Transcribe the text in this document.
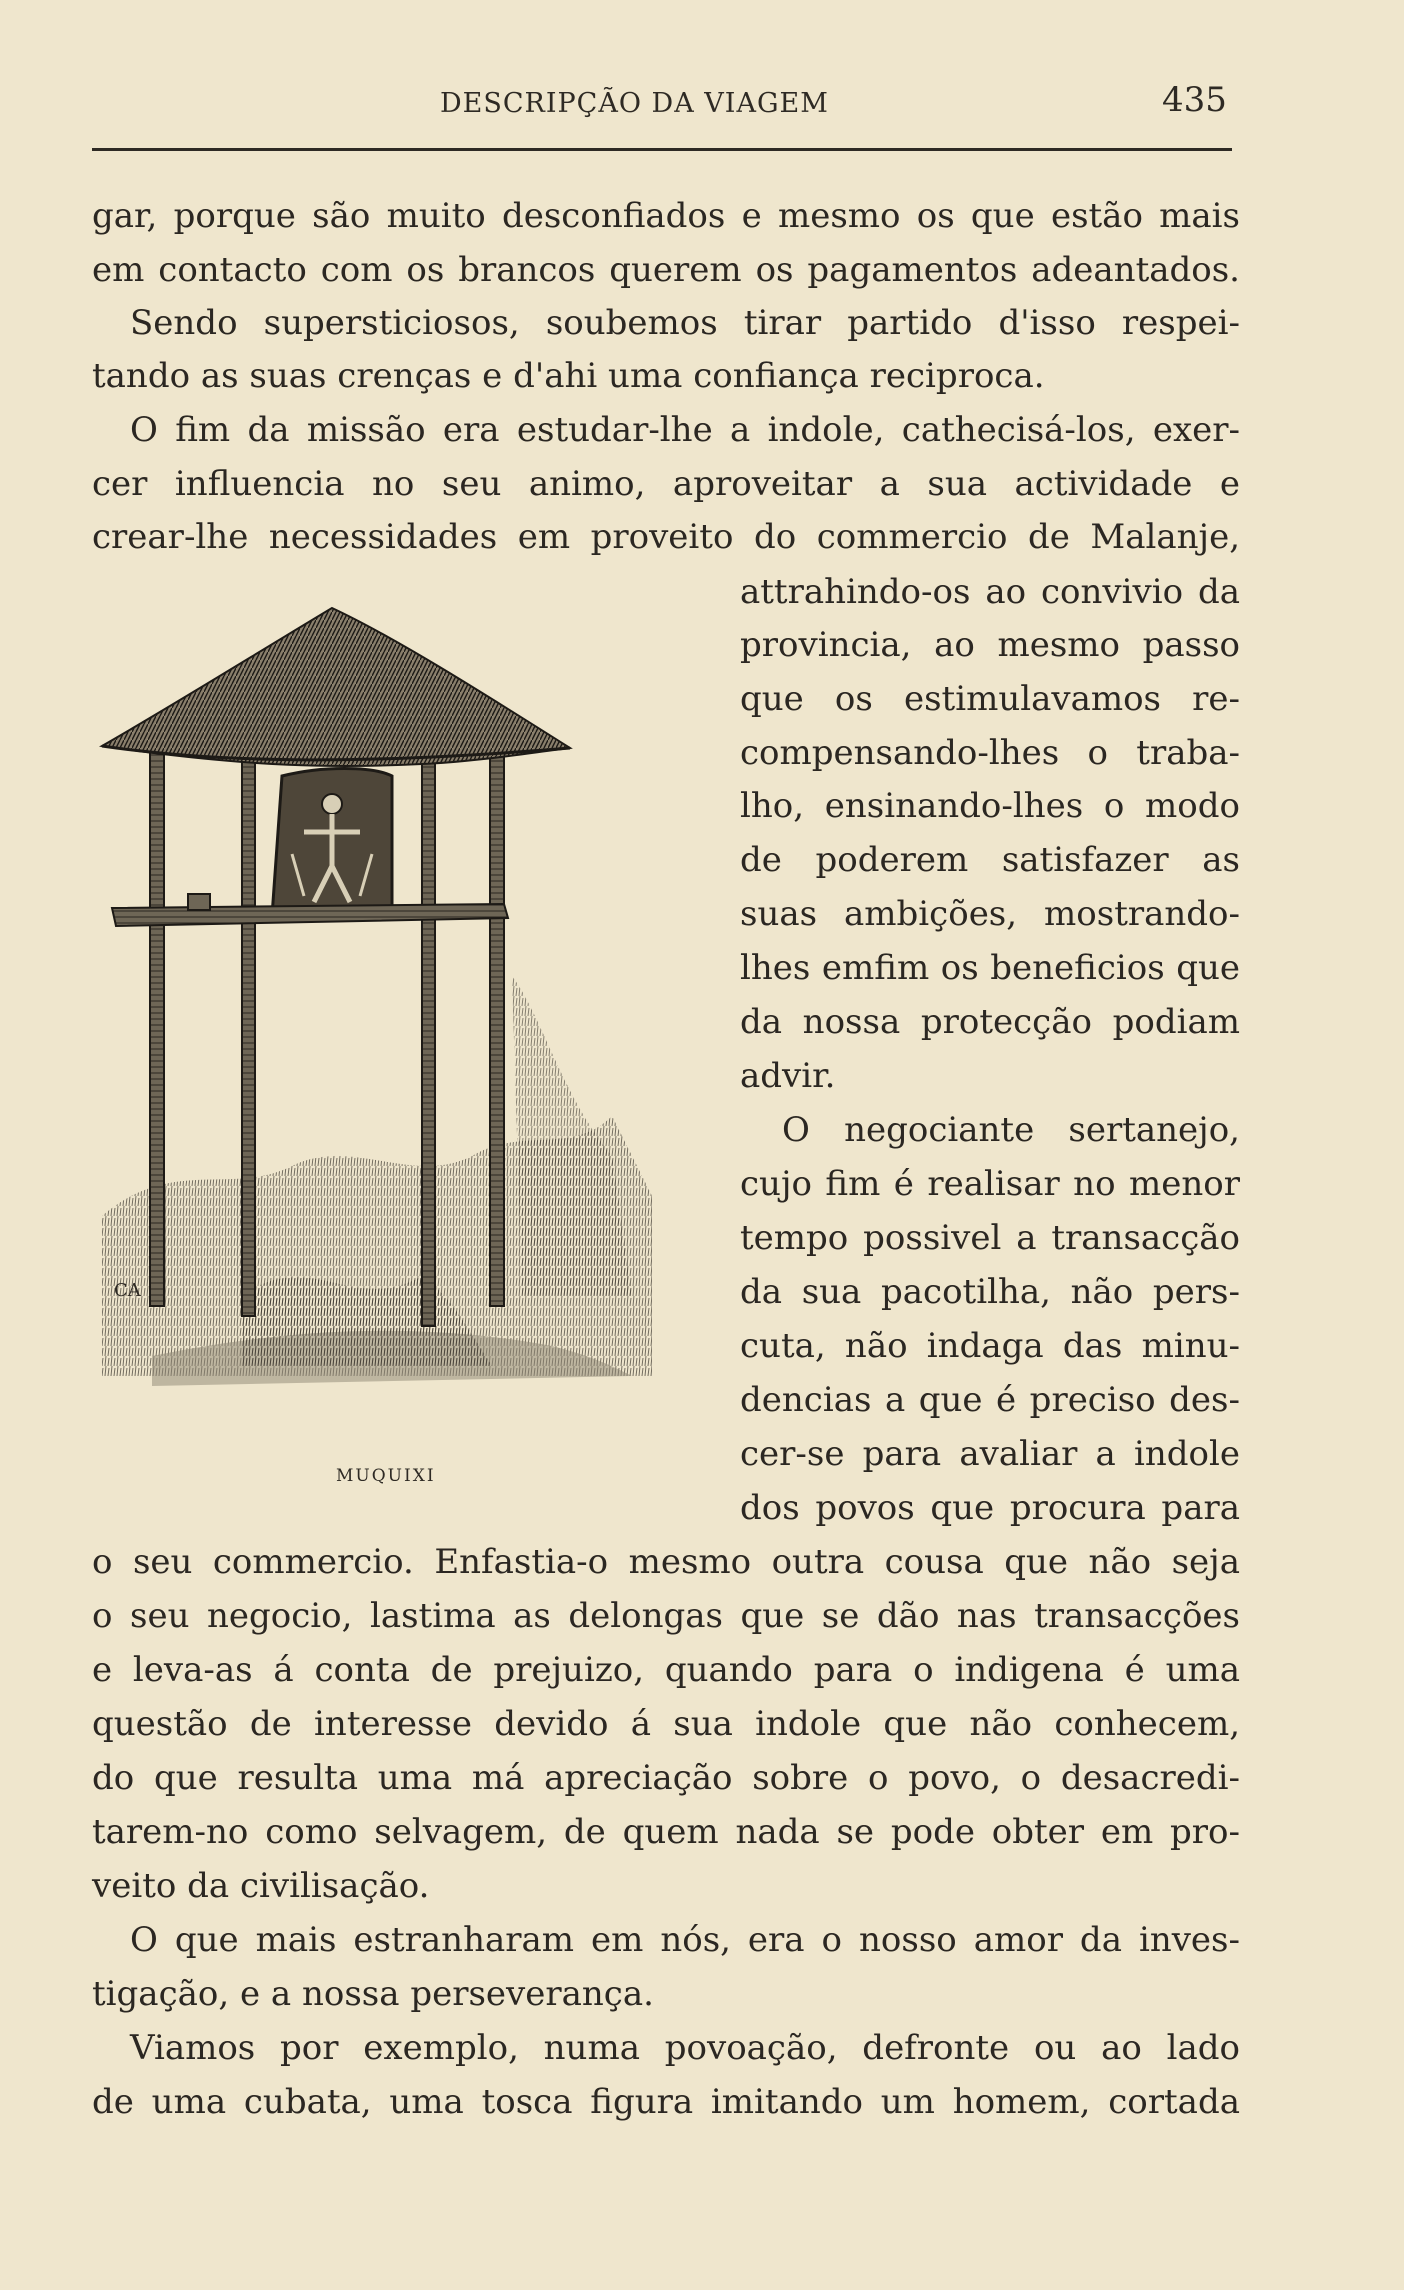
DESCRIPÇÃO DA VIAGEM	435
gar, porque são muito desconfiados e mesmo os que estão mais
em contacto com os brancos querem os pagamentos adeantados.
Sendo supersticiosos, soubemos tirar partido d'isso respei-
tando as suas crenças e d'ahi uma confiança reciproca.
O fim da missão era estudar-lhe a indole, cathecisá-los, exer-
cer influencia no seu animo, aproveitar a sua actividade e
crear-lhe necessidades em proveito do commercio de Malanje,
attrahindo-os ao convivio da
provincia, ao mesmo passo
que os estimulavamos re-
compensando-lhes o traba-
lho, ensinando-lhes o modo
de poderem satisfazer as
suas ambições, mostrando-
lhes emfim os beneficios que
da nossa protecção podiam
advir.
O negociante sertanejo,
cujo fim é realisar no menor
tempo possivel a transacção
da sua pacotilha, não pers-
cuta, não indaga das minu-
dencias a que é preciso des-
cer-se para avaliar a indole
dos povos que procura para
o seu commercio. Enfastia-o mesmo outra cousa que não seja
o seu negocio, lastima as delongas que se dão nas transacções
e leva-as á conta de prejuizo, quando para o indigena é uma
questão de interesse devido á sua indole que não conhecem,
do que resulta uma má apreciação sobre o povo, o desacredi-
tarem-no como selvagem, de quem nada se pode obter em pro-
veito da civilisação.
O que mais estranharam em nós, era o nosso amor da inves-
tigação, e a nossa perseverança.
Viamos por exemplo, numa povoação, defronte ou ao lado
de uma cubata, uma tosca figura imitando um homem, cortada
CA
MUQUIXI
